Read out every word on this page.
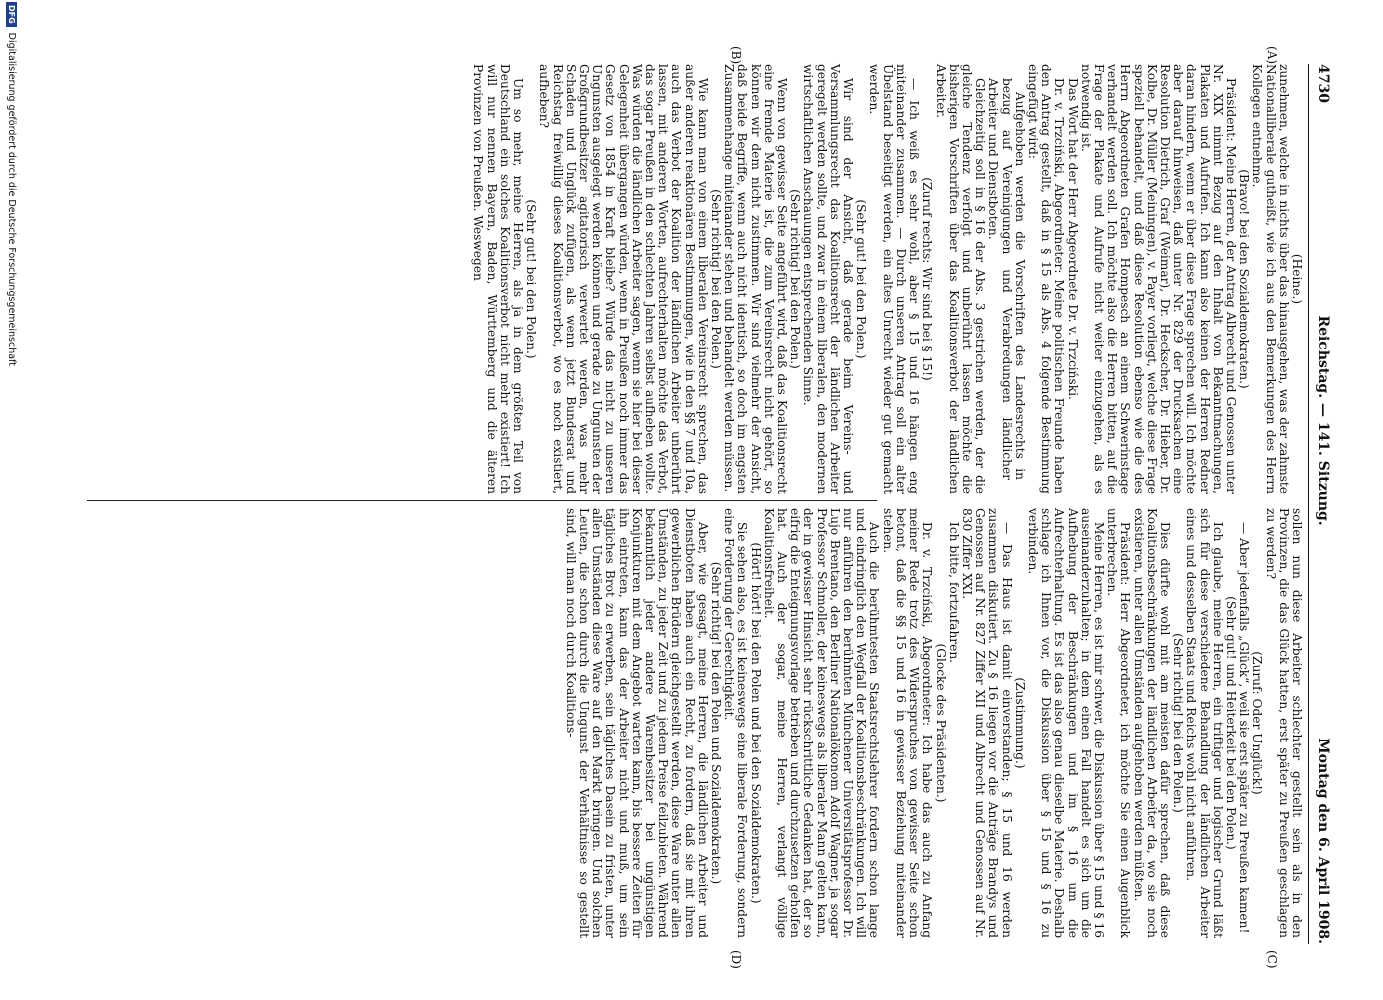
4730
Reichstag. — 141. Sitzung.
Montag den 6. April 1908.
(A)
(B)
(C)
(D)

(Heine.)

zunehmen, welche in nichts über das hinausgehen, was der zahmste Nationalliberale gutheißt, wie ich aus den Bemerkungen des Herrn Kollegen entnehme.

(Bravo! bei den Sozialdemokraten.)

Präsident: Meine Herren, der Antrag Albrecht und Genossen unter Nr. XIX nimmt Bezug auf den Inhalt von Bekanntmachungen, Plakaten und Aufrufen. Ich kann also keinen der Herren Redner daran hindern, wenn er über diese Frage sprechen will. Ich möchte aber darauf hinweisen, daß unter Nr. 829 der Drucksachen eine Resolution Dietrich, Graf (Weimar), Dr. Heckscher, Dr. Hieber, Dr. Kolbe, Dr. Müller (Meiningen), v. Payer vorliegt, welche diese Frage speziell behandelt, und daß diese Resolution ebenso wie die des Herrn Abgeordneten Grafen Hompesch an einem Schwerinstage verhandelt werden soll. Ich möchte also die Herren bitten, auf die Frage der Plakate und Aufrufe nicht weiter einzugehen, als es notwendig ist.

Das Wort hat der Herr Abgeordnete Dr. v. Trzciński.

Dr. v. Trzciński, Abgeordneter: Meine politischen Freunde haben den Antrag gestellt, daß in § 15 als Abs. 4 folgende Bestimmung eingefügt wird:

Aufgehoben werden die Vorschriften des Landesrechts in bezug auf Vereinigungen und Verabredungen ländlicher Arbeiter und Dienstboten.

Gleichzeitig soll in § 16 der Abs. 3 gestrichen werden, der die gleiche Tendenz verfolgt und unberührt lassen möchte die bisherigen Vorschriften über das Koalitionsverbot der ländlichen Arbeiter.

(Zuruf rechts: Wir sind bei § 15!)

— Ich weiß es sehr wohl, aber § 15 und 16 hängen eng miteinander zusammen. — Durch unseren Antrag soll ein alter Übelstand beseitigt werden, ein altes Unrecht wieder gut gemacht werden.

(Sehr gut! bei den Polen.)

Wir sind der Ansicht, daß gerade beim Vereins- und Versammlungsrecht das Koalitionsrecht der ländlichen Arbeiter geregelt werden sollte, und zwar in einem liberalen, den modernen wirtschaftlichen Anschauungen entsprechenden Sinne.

(Sehr richtig! bei den Polen.)

Wenn von gewisser Seite angeführt wird, daß das Koalitionsrecht eine fremde Materie ist, die zum Vereinsrecht nicht gehört, so können wir dem nicht zustimmen. Wir sind vielmehr der Ansicht, daß beide Begriffe, wenn auch nicht identisch, so doch im engsten Zusammenhange miteinander stehen und behandelt werden müssen.

(Sehr richtig! bei den Polen.)

Wie kann man von einem liberalen Vereinsrecht sprechen, das außer anderen reaktionären Bestimmungen, wie in den §§ 7 und 10a, auch das Verbot der Koalition der ländlichen Arbeiter unberührt lassen, mit anderen Worten, aufrechterhalten möchte das Verbot, das sogar Preußen in den schlechten Jahren selbst aufheben wollte. Was würden die ländlichen Arbeiter sagen, wenn sie hier bei dieser Gelegenheit übergangen würden, wenn in Preußen noch immer das Gesetz von 1854 in Kraft bleibe? Würde das nicht zu unseren Ungunsten ausgelegt werden können und gerade zu Ungunsten der Großgrundbesitzer agitatorisch verwertet werden, was mehr Schaden und Unglück zufügen, als wenn jetzt Bundesrat und Reichstag freiwillig dieses Koalitionsverbot, wo es noch existiert, aufheben?

(Sehr gut! bei den Polen.)

Um so mehr, meine Herren, als ja in dem größten Teil von Deutschland ein solches Koalitionsverbot nicht mehr existiert! Ich will nur nennen Bayern, Baden, Württemberg und die älteren Provinzen von Preußen. Weswegen

sollen nun diese Arbeiter schlechter gestellt sein als in den Provinzen, die das Glück hatten, erst später zu Preußen geschlagen zu werden?

(Zuruf: Oder Unglück!)

— Aber jedenfalls „Glück“, weil sie erst später zu Preußen kamen!

(Sehr gut! und Heiterkeit bei den Polen.)

Ich glaube, meine Herren, ein triftiger und logischer Grund läßt sich für diese verschiedene Behandlung der ländlichen Arbeiter eines und desselben Staats und Reichs wohl nicht anführen.

(Sehr richtig! bei den Polen.)

Dies dürfte wohl mit am meisten dafür sprechen, daß diese Koalitionsbeschränkungen der ländlichen Arbeiter da, wo sie noch existieren, unter allen Umständen aufgehoben werden müßten.

Präsident: Herr Abgeordneter, ich möchte Sie einen Augenblick unterbrechen.

Meine Herren, es ist mir schwer, die Diskussion über § 15 und § 16 auseinanderzuhalten; in dem einen Fall handelt es sich um die Aufhebung der Beschränkungen und im § 16 um die Aufrechterhaltung. Es ist das also genau dieselbe Materie. Deshalb schlage ich Ihnen vor, die Diskussion über § 15 und § 16 zu verbinden.

(Zustimmung.)

— Das Haus ist damit einverstanden; § 15 und 16 werden zusammen diskutiert. Zu § 16 liegen vor die Anträge Brandys und Genossen auf Nr. 827 Ziffer XII und Albrecht und Genossen auf Nr. 830 Ziffer XXI.

Ich bitte, fortzufahren.

(Glocke des Präsidenten.)

Dr. v. Trzciński, Abgeordneter: Ich habe das auch zu Anfang meiner Rede trotz des Widerspruches von gewisser Seite schon betont, daß die §§ 15 und 16 in gewisser Beziehung miteinander stehen.

Auch die berühmtesten Staatsrechtslehrer fordern schon lange und eindringlich den Wegfall der Koalitionsbeschränkungen. Ich will nur anführen den berühmten Münchener Universitätsprofessor Dr. Lujo Brentano, den Berliner Nationalökonom Adolf Wagner, ja sogar Professor Schmoller, der keineswegs als liberaler Mann gelten kann, der in gewisser Hinsicht sehr rückschrittliche Gedanken hat, der so eifrig die Enteignungsvorlage betrieben und durchzusetzen geholfen hat. Auch der sogar, meine Herren, verlangt völlige Koalitionsfreiheit.

(Hört! hört! bei den Polen und bei den Sozialdemokraten.)

Sie sehen also, es ist keineswegs eine liberale Forderung, sondern eine Forderung der Gerechtigkeit.

(Sehr richtig! bei den Polen und Sozialdemokraten.)

Aber, wie gesagt, meine Herren, die ländlichen Arbeiter und Dienstboten haben auch ein Recht, zu fordern, daß sie mit ihren gewerblichen Brüdern gleichgestellt werden, diese Ware unter allen Umständen, zu jeder Zeit und zu jedem Preise feilzubieten. Während bekanntlich jeder andere Warenbesitzer bei ungünstigen Konjunkturen mit dem Angebot warten kann, bis bessere Zeiten für ihn eintreten, kann das der Arbeiter nicht und muß, um sein tägliches Brot zu erwerben, sein tägliches Dasein zu fristen, unter allen Umständen diese Ware auf den Markt bringen. Und solchen Leuten, die schon durch die Ungunst der Verhältnisse so gestellt sind, will man noch durch Koalitions-

DFG
Digitalisierung gefördert durch die Deutsche Forschungsgemeinschaft
